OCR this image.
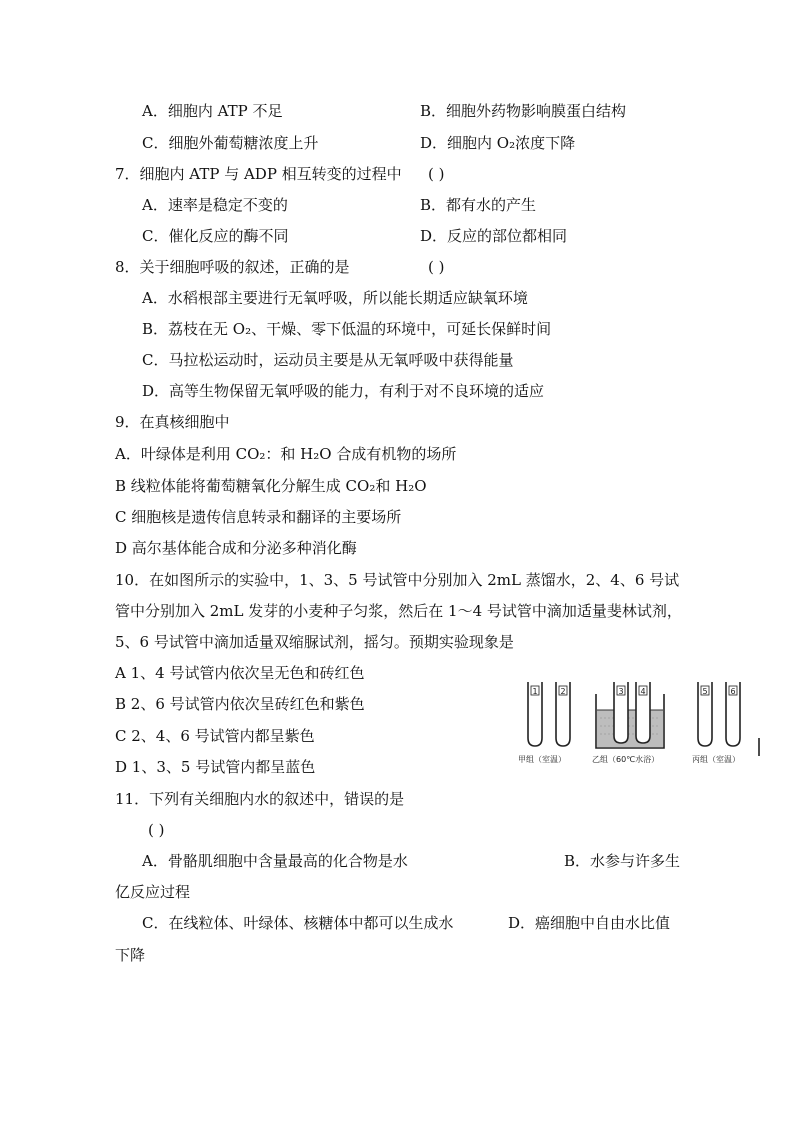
A．细胞内 ATP 不足	B．细胞外药物影响膜蛋白结构
C．细胞外葡萄糖浓度上升	D．细胞内 O₂浓度下降
7．细胞内 ATP 与 ADP 相互转变的过程中 ( )
A．速率是稳定不变的	B．都有水的产生
C．催化反应的酶不同	D．反应的部位都相同
8．关于细胞呼吸的叙述，正确的是	( )
A．水稻根部主要进行无氧呼吸，所以能长期适应缺氧环境
B．荔枝在无 O₂、干燥、零下低温的环境中，可延长保鲜时间
C．马拉松运动时，运动员主要是从无氧呼吸中获得能量
D．高等生物保留无氧呼吸的能力，有利于对不良环境的适应
9．在真核细胞中
A．叶绿体是利用 CO₂：和 H₂O 合成有机物的场所
B 线粒体能将葡萄糖氧化分解生成 CO₂和 H₂O
C 细胞核是遗传信息转录和翻译的主要场所
D 高尔基体能合成和分泌多种消化酶
10．在如图所示的实验中，1、3、5 号试管中分别加入 2mL 蒸馏水，2、4、6 号试
管中分别加入 2mL 发芽的小麦种子匀浆，然后在 1～4 号试管中滴加适量斐林试剂，
5、6 号试管中滴加适量双缩脲试剂，摇匀。预期实验现象是
A 1、4 号试管内依次呈无色和砖红色
B 2、6 号试管内依次呈砖红色和紫色
C 2、4、6 号试管内都呈紫色
D 1、3、5 号试管内都呈蓝色
1	2	3 4	5	6
甲组（室温）	乙组（60℃水浴）	丙组（室温）
11．下列有关细胞内水的叙述中，错误的是
( )
A．骨骼肌细胞中含量最高的化合物是水	B．水参与许多生
亿反应过程
C．在线粒体、叶绿体、核糖体中都可以生成水	D．癌细胞中自由水比值
下降
